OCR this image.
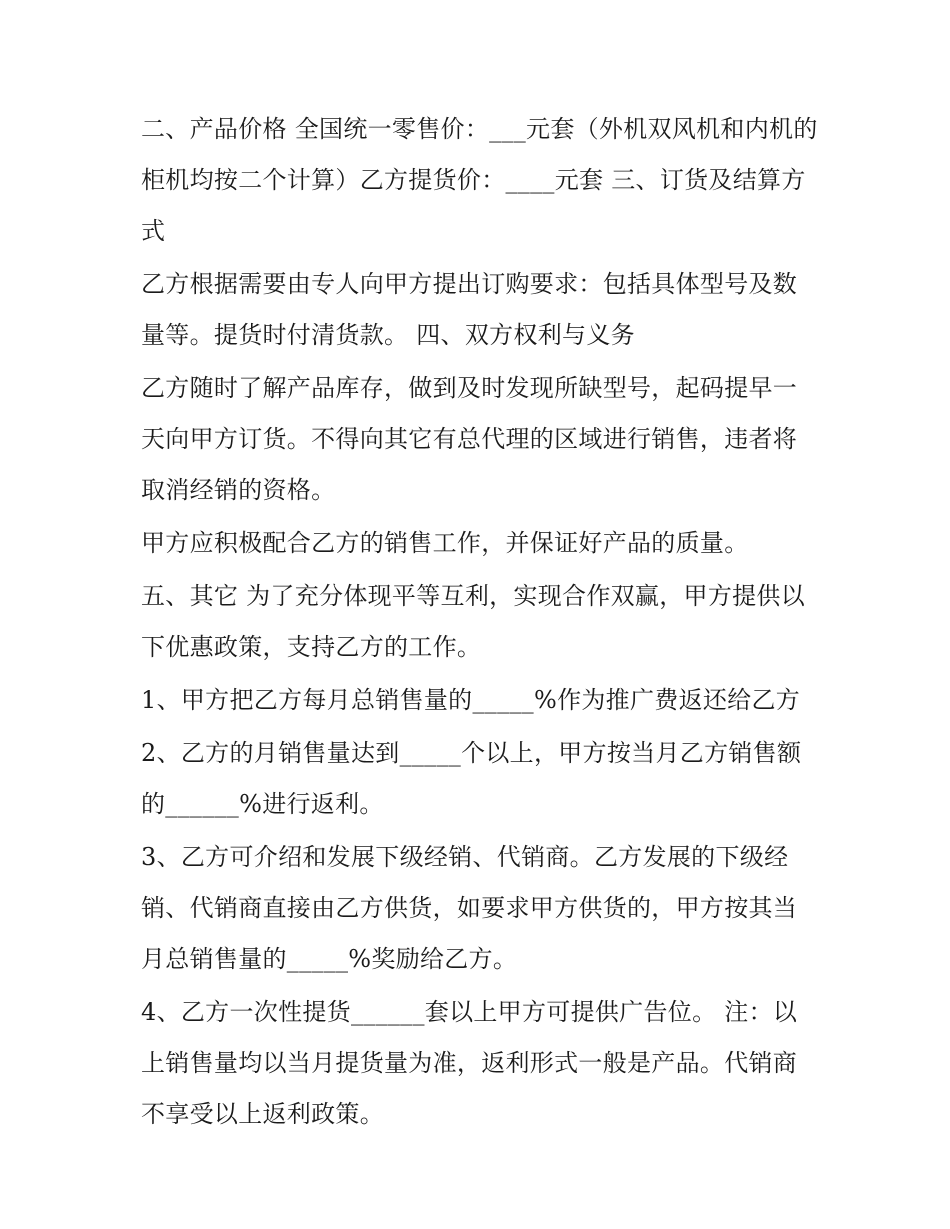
二、产品价格 全国统一零售价：___元套（外机双风机和内机的柜机均按二个计算）乙方提货价：____元套 三、订货及结算方式

乙方根据需要由专人向甲方提出订购要求：包括具体型号及数量等。提货时付清货款。 四、双方权利与义务

乙方随时了解产品库存，做到及时发现所缺型号，起码提早一天向甲方订货。不得向其它有总代理的区域进行销售，违者将取消经销的资格。

甲方应积极配合乙方的销售工作，并保证好产品的质量。

五、其它 为了充分体现平等互利，实现合作双赢，甲方提供以下优惠政策，支持乙方的工作。

1、甲方把乙方每月总销售量的_____%作为推广费返还给乙方

2、乙方的月销售量达到_____个以上，甲方按当月乙方销售额的______%进行返利。

3、乙方可介绍和发展下级经销、代销商。乙方发展的下级经销、代销商直接由乙方供货，如要求甲方供货的，甲方按其当月总销售量的_____%奖励给乙方。

4、乙方一次性提货______套以上甲方可提供广告位。 注：以上销售量均以当月提货量为准，返利形式一般是产品。代销商不享受以上返利政策。
